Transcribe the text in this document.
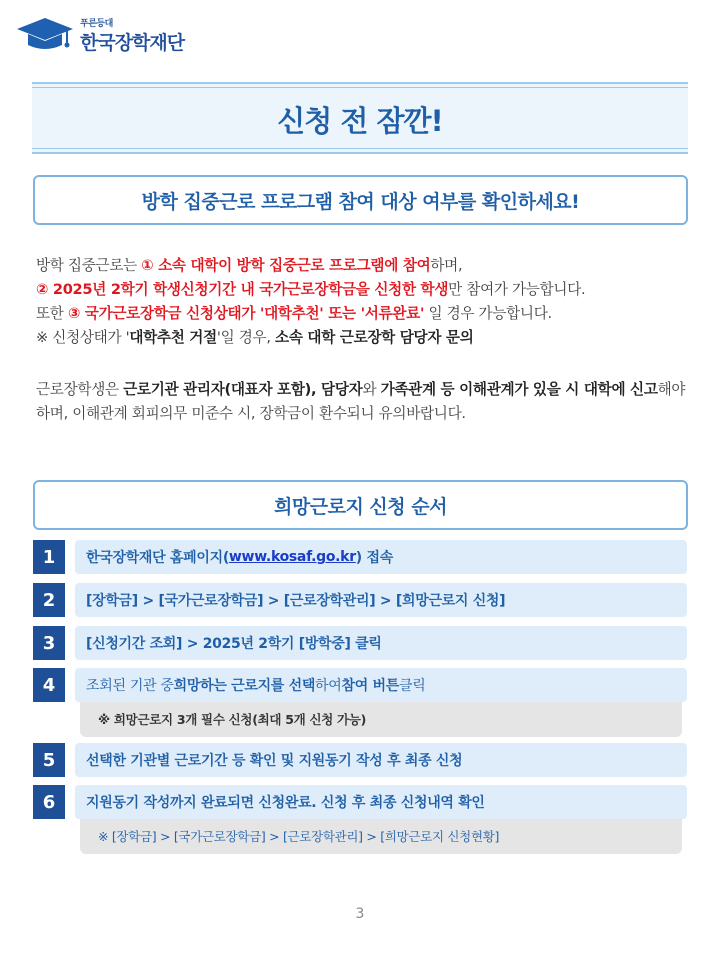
푸른등대
한국장학재단
신청 전 잠깐!
방학 집중근로 프로그램 참여 대상 여부를 확인하세요!
방학 집중근로는 ① 소속 대학이 방학 집중근로 프로그램에 참여하며,
② 2025년 2학기 학생신청기간 내 국가근로장학금을 신청한 학생만 참여가 가능합니다.
또한 ③ 국가근로장학금 신청상태가 '대학추천' 또는 '서류완료' 일 경우 가능합니다.
※ 신청상태가 '대학추천 거절'일 경우, 소속 대학 근로장학 담당자 문의
근로장학생은 근로기관 관리자(대표자 포함), 담당자와 가족관계 등 이해관계가 있을 시 대학에 신고해야 하며, 이해관계 회피의무 미준수 시, 장학금이 환수되니 유의바랍니다.
희망근로지 신청 순서
1	한국장학재단 홈페이지( www.kosaf.go.kr ) 접속
2	[장학금] > [국가근로장학금] > [근로장학관리] > [희망근로지 신청]
3	[신청기간 조회] > 2025년 2학기 [방학중] 클릭
※ 희망근로지 3개 필수 신청(최대 5개 신청 가능)
4	조회된 기관 중 희망하는 근로지를 선택 하여 참여 버튼 클릭
5	선택한 기관별 근로기간 등 확인 및 지원동기 작성 후 최종 신청
※ [장학금] > [국가근로장학금] > [근로장학관리] > [희망근로지 신청현황]
6	지원동기 작성까지 완료되면 신청완료. 신청 후 최종 신청내역 확인
3
